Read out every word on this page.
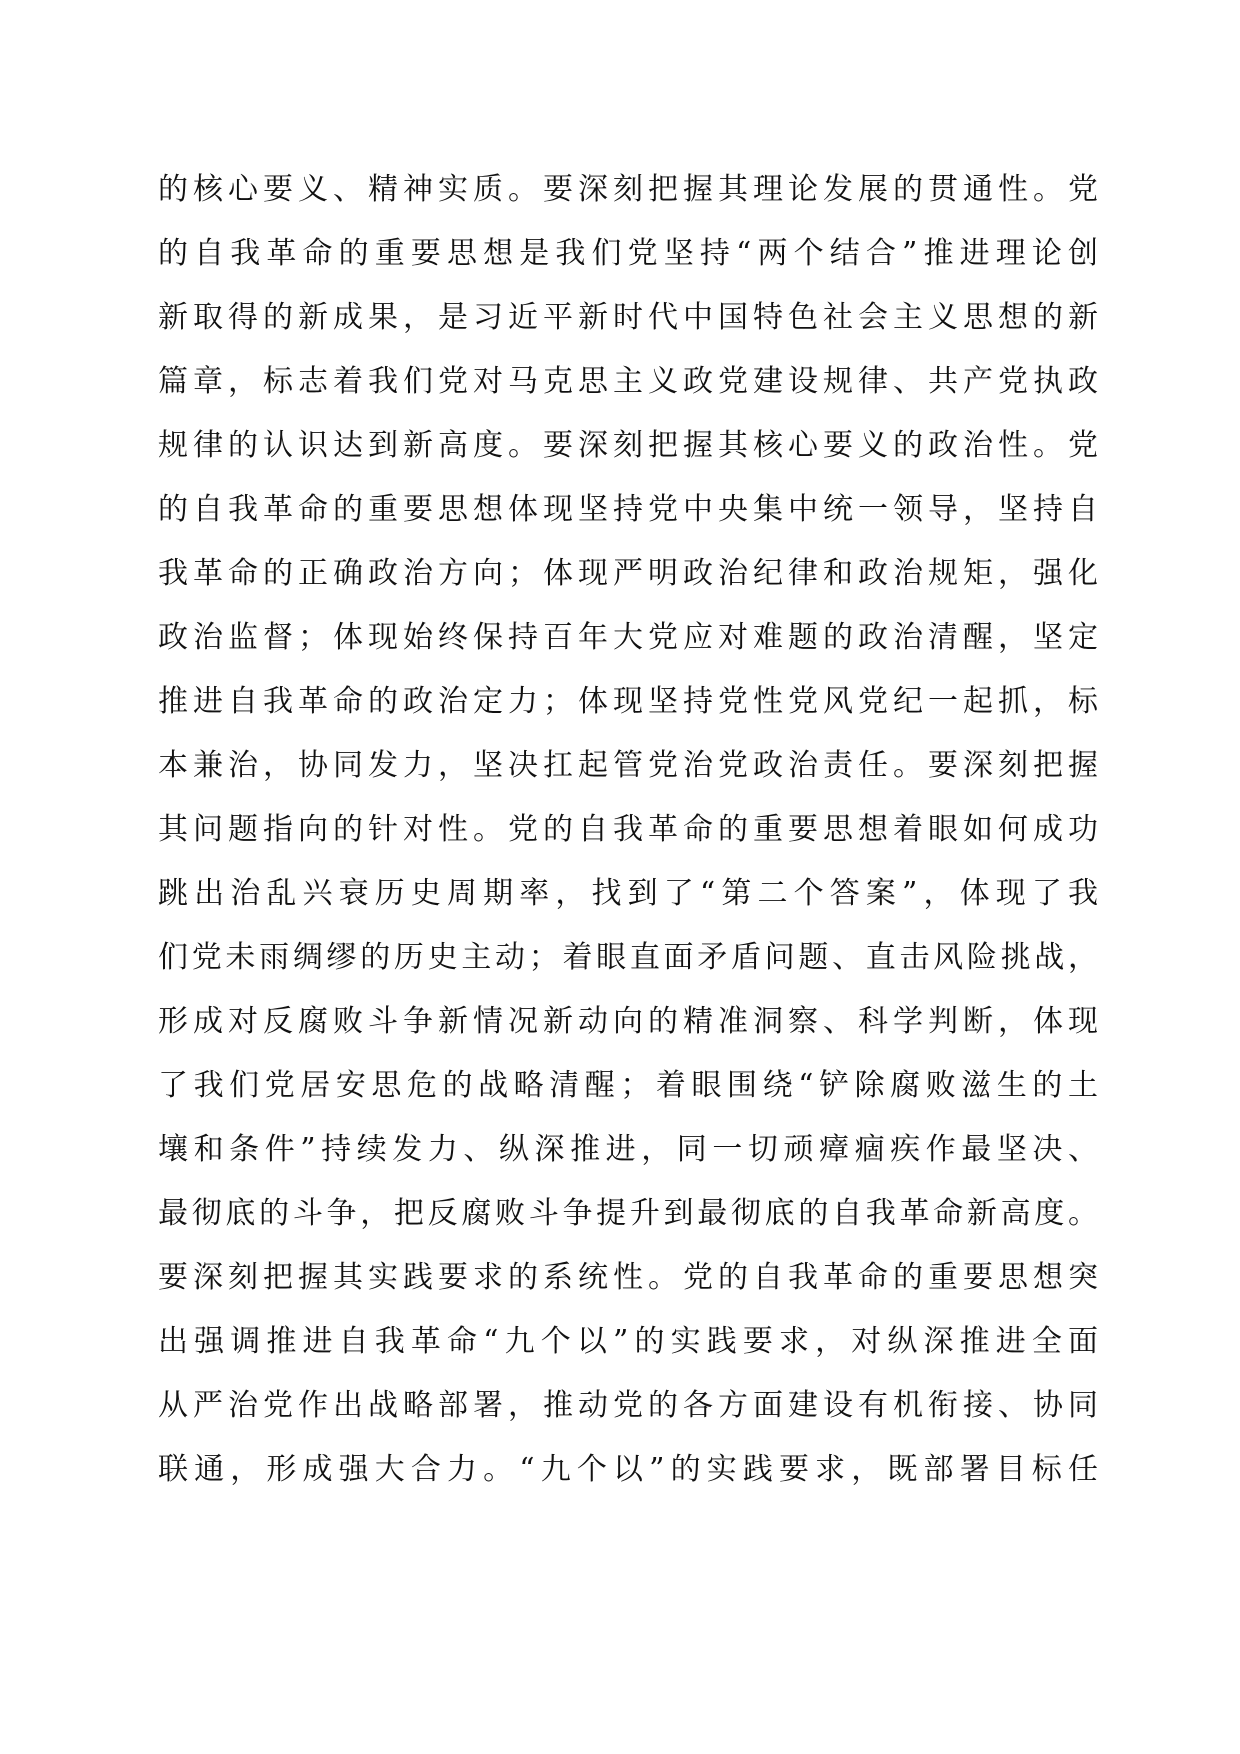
的核心要义、精神实质。要深刻把握其理论发展的贯通性。党
的自我革命的重要思想是我们党坚持“两个结合”推进理论创
新取得的新成果，是习近平新时代中国特色社会主义思想的新
篇章，标志着我们党对马克思主义政党建设规律、共产党执政
规律的认识达到新高度。要深刻把握其核心要义的政治性。党
的自我革命的重要思想体现坚持党中央集中统一领导，坚持自
我革命的正确政治方向；体现严明政治纪律和政治规矩，强化
政治监督；体现始终保持百年大党应对难题的政治清醒，坚定
推进自我革命的政治定力；体现坚持党性党风党纪一起抓，标
本兼治，协同发力，坚决扛起管党治党政治责任。要深刻把握
其问题指向的针对性。党的自我革命的重要思想着眼如何成功
跳出治乱兴衰历史周期率，找到了“第二个答案”，体现了我
们党未雨绸缪的历史主动；着眼直面矛盾问题、直击风险挑战，
形成对反腐败斗争新情况新动向的精准洞察、科学判断，体现
了我们党居安思危的战略清醒；着眼围绕“铲除腐败滋生的土
壤和条件”持续发力、纵深推进，同一切顽瘴痼疾作最坚决、
最彻底的斗争，把反腐败斗争提升到最彻底的自我革命新高度。
要深刻把握其实践要求的系统性。党的自我革命的重要思想突
出强调推进自我革命“九个以”的实践要求，对纵深推进全面
从严治党作出战略部署，推动党的各方面建设有机衔接、协同
联通，形成强大合力。“九个以”的实践要求，既部署目标任
